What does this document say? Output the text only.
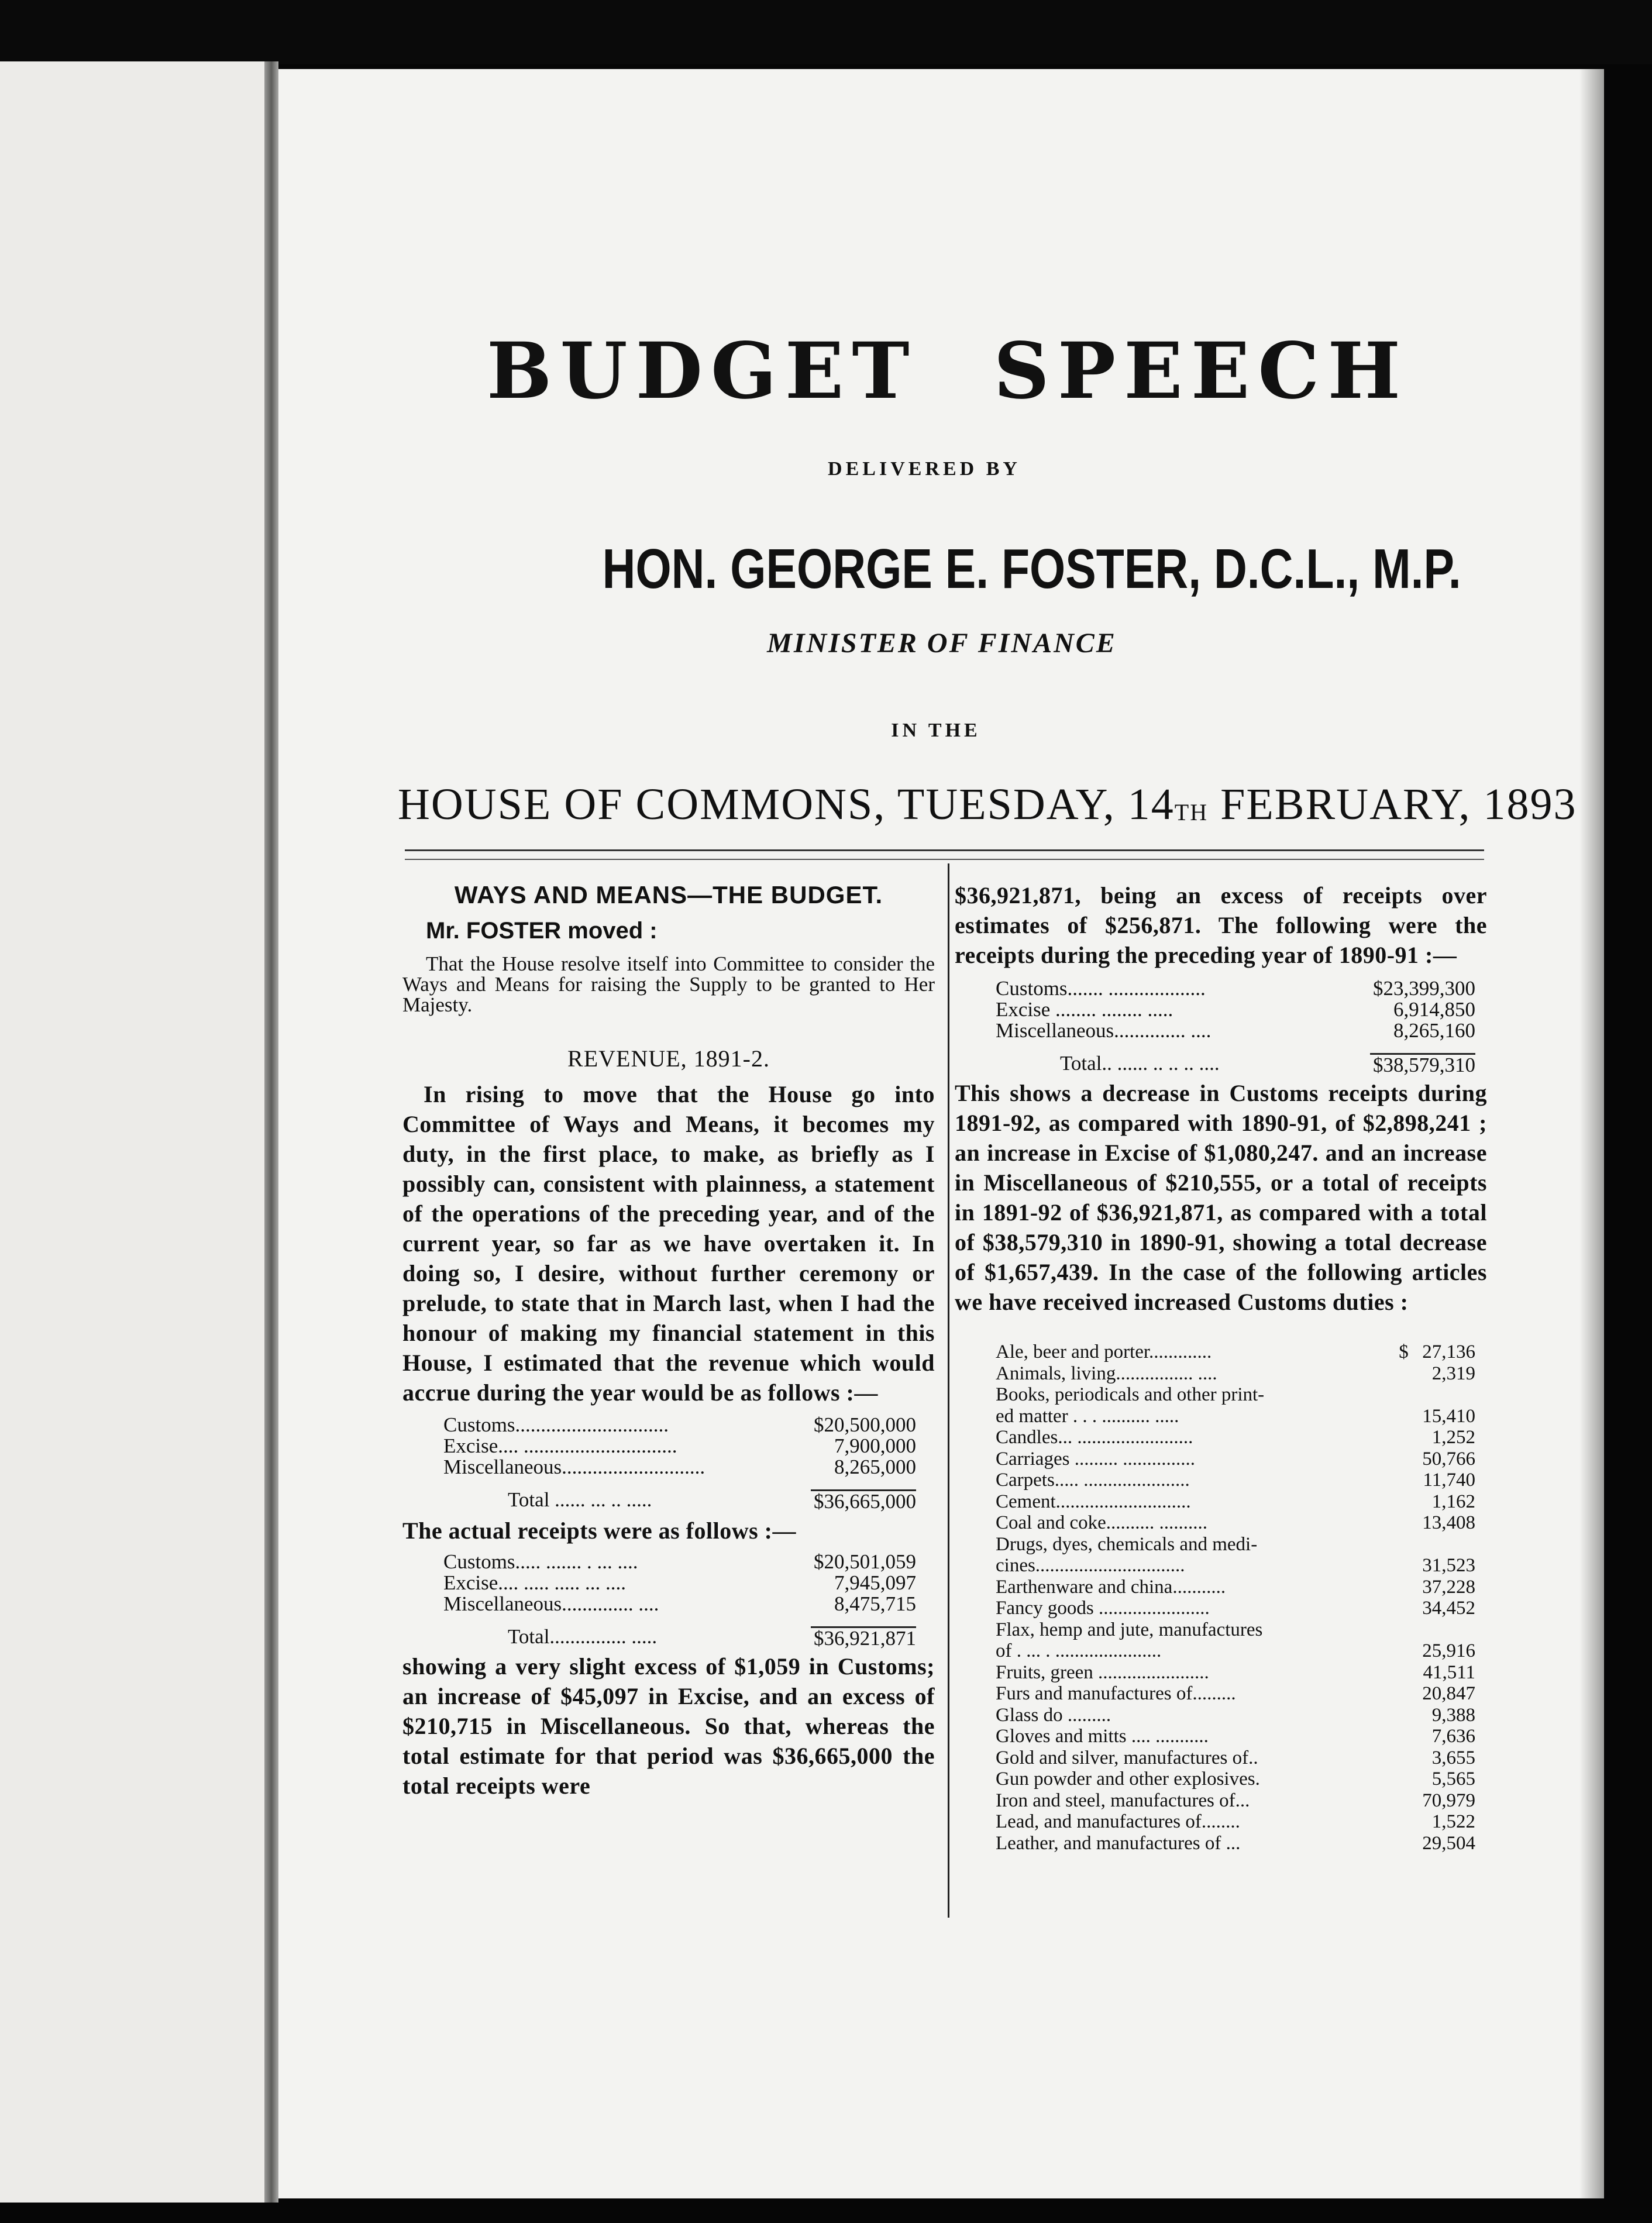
BUDGET SPEECH
DELIVERED BY
HON. GEORGE E. FOSTER, D.C.L., M.P.
MINISTER OF FINANCE
IN THE
HOUSE OF COMMONS, TUESDAY, 14TH FEBRUARY, 1893

WAYS AND MEANS—THE BUDGET.

Mr. FOSTER moved :

That the House resolve itself into Committee to consider the Ways and Means for raising the Supply to be granted to Her Majesty.

REVENUE, 1891-2.

In rising to move that the House go into Committee of Ways and Means, it becomes my duty, in the first place, to make, as briefly as I possibly can, consistent with plainness, a statement of the operations of the preceding year, and of the current year, so far as we have overtaken it. In doing so, I desire, without further ceremony or prelude, to state that in March last, when I had the honour of making my financial statement in this House, I estimated that the revenue which would accrue during the year would be as follows :—

Customs..............................	$20,500,000
Excise.... ..............................	7,900,000
Miscellaneous............................	8,265,000
Total ...... ... .. .....	$36,665,000

The actual receipts were as follows :—

Customs..... ....... . ... ....	$20,501,059
Excise.... ..... ..... ... ....	7,945,097
Miscellaneous.............. ....	8,475,715
Total............... .....	$36,921,871

showing a very slight excess of $1,059 in Customs; an increase of $45,097 in Excise, and an excess of $210,715 in Miscellaneous. So that, whereas the total estimate for that period was $36,665,000 the total receipts were

$36,921,871, being an excess of receipts over estimates of $256,871. The following were the receipts during the preceding year of 1890-91 :—

Customs....... ...................	$23,399,300
Excise ........ ........ .....	6,914,850
Miscellaneous.............. ....	8,265,160
Total.. ...... .. .. .. ....	$38,579,310

This shows a decrease in Customs receipts during 1891-92, as compared with 1890-91, of $2,898,241 ; an increase in Excise of $1,080,247. and an increase in Miscellaneous of $210,555, or a total of receipts in 1891-92 of $36,921,871, as compared with a total of $38,579,310 in 1890-91, showing a total decrease of $1,657,439. In the case of the following articles we have received increased Customs duties :

Ale, beer and porter.............	$ 27,136
Animals, living................ ....	2,319
Books, periodicals and other print-
ed matter . . . .......... .....	15,410
Candles... ........................	1,252
Carriages ......... ...............	50,766
Carpets..... ......................	11,740
Cement............................	1,162
Coal and coke.......... ..........	13,408
Drugs, dyes, chemicals and medi-
cines...............................	31,523
Earthenware and china...........	37,228
Fancy goods .......................	34,452
Flax, hemp and jute, manufactures
of . ... . ......................	25,916
Fruits, green .......................	41,511
Furs and manufactures of.........	20,847
Glass do .........	9,388
Gloves and mitts .... ...........	7,636
Gold and silver, manufactures of..	3,655
Gun powder and other explosives.	5,565
Iron and steel, manufactures of...	70,979
Lead, and manufactures of........	1,522
Leather, and manufactures of ...	29,504
